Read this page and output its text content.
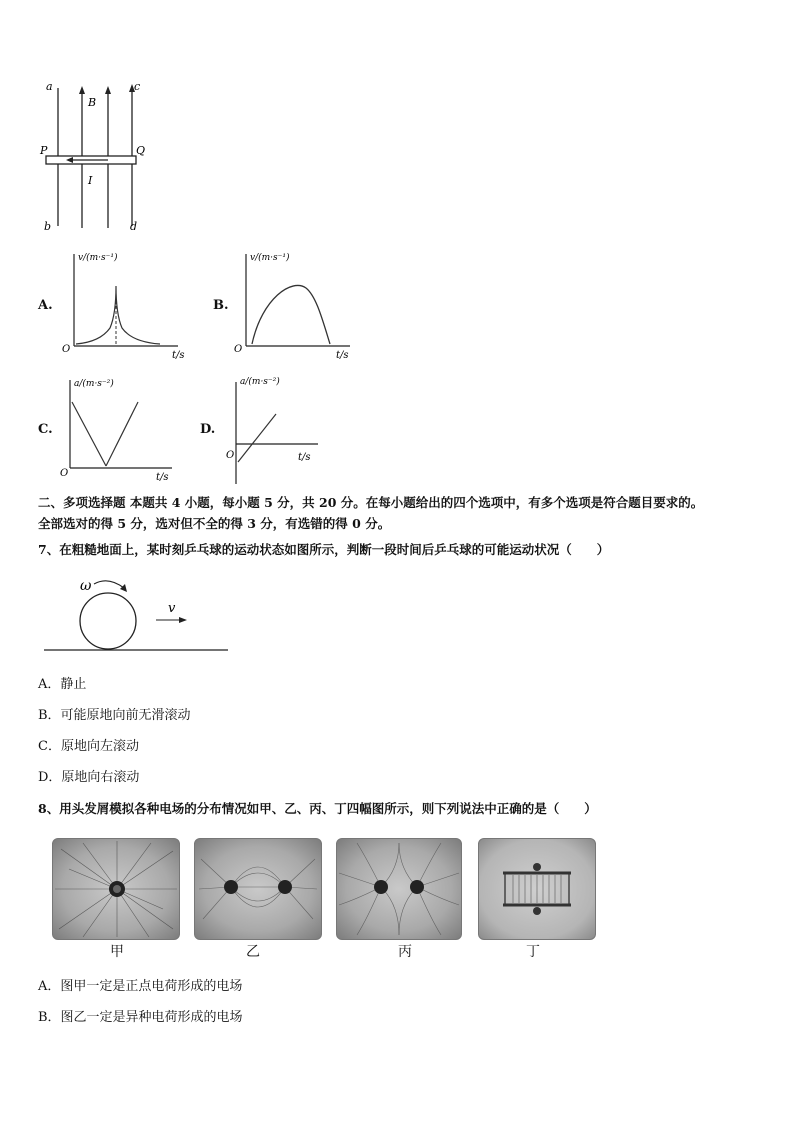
a
B
c
P	Q
I
b	d
A.
v/(m·s⁻¹)
O
t/s
B.
v/(m·s⁻¹)
O
t/s
C.
a/(m·s⁻²)
O	t/s
D.
a/(m·s⁻²)
O	t/s
二、多项选择题 本题共 4 小题，每小题 5 分，共 20 分。在每小题给出的四个选项中，有多个选项是符合题目要求的。
全部选对的得 5 分，选对但不全的得 3 分，有选错的得 0 分。
7、在粗糙地面上，某时刻乒乓球的运动状态如图所示，判断一段时间后乒乓球的可能运动状况（　　）
ω
v
A．静止
B．可能原地向前无滑滚动
C．原地向左滚动
D．原地向右滚动
8、用头发屑模拟各种电场的分布情况如甲、乙、丙、丁四幅图所示，则下列说法中正确的是（　　）
甲	乙	丙	丁
A．图甲一定是正点电荷形成的电场
B．图乙一定是异种电荷形成的电场
